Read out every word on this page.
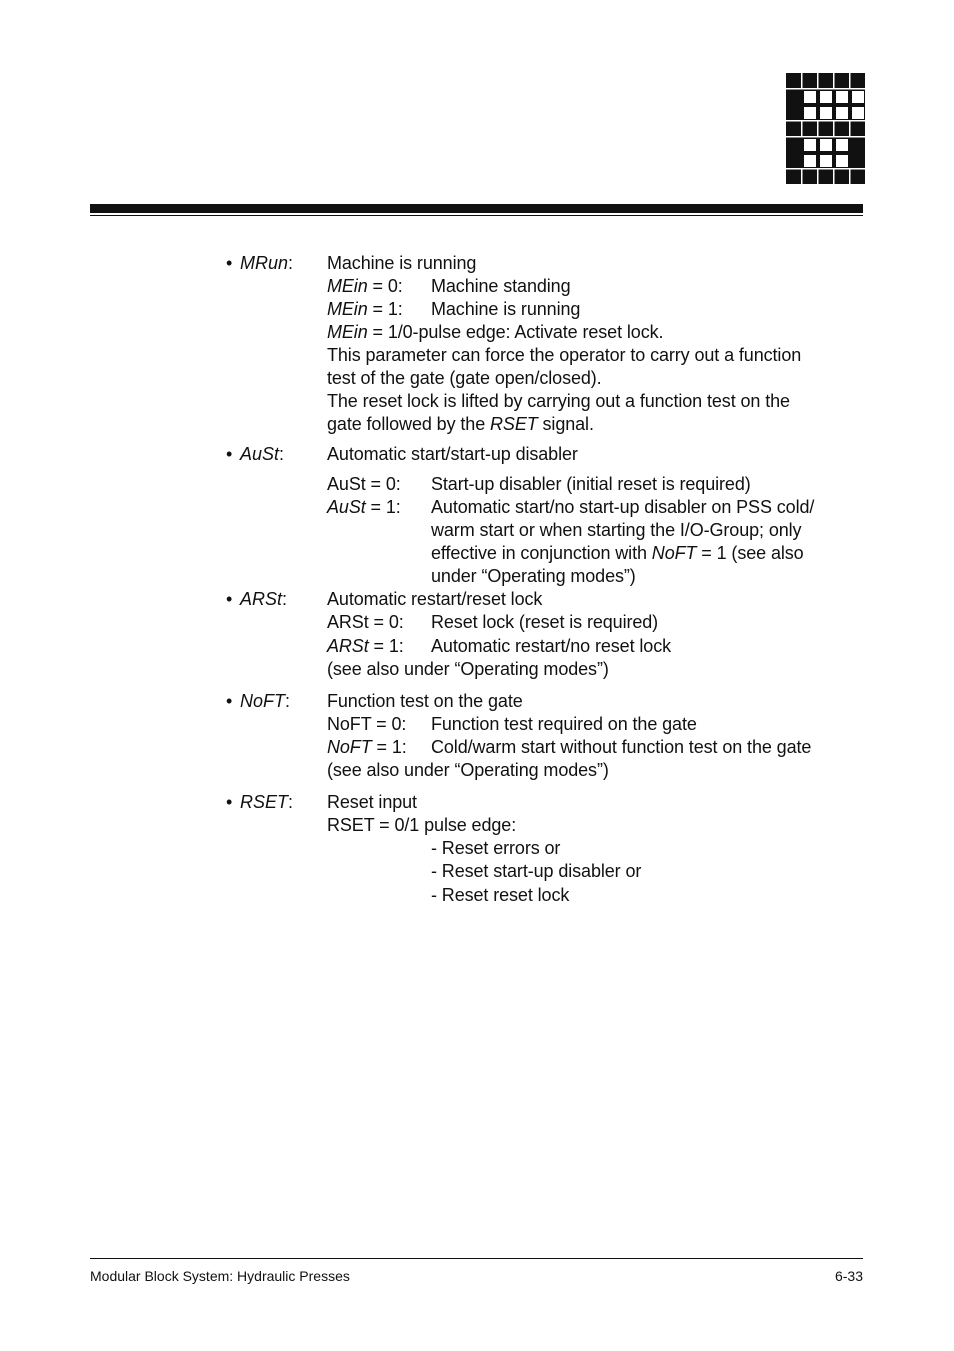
• MRun: Machine is running
MEin = 0: Machine standing
MEin = 1: Machine is running
MEin = 1/0-pulse edge: Activate reset lock.
This parameter can force the operator to carry out a function
test of the gate (gate open/closed).
The reset lock is lifted by carrying out a function test on the
gate followed by the RSET signal.
• AuSt: Automatic start/start-up disabler
AuSt = 0: Start-up disabler (initial reset is required)
AuSt = 1: Automatic start/no start-up disabler on PSS cold/
warm start or when starting the I/O-Group; only
effective in conjunction with NoFT = 1 (see also
under “Operating modes”)
• ARSt: Automatic restart/reset lock
ARSt = 0: Reset lock (reset is required)
ARSt = 1: Automatic restart/no reset lock
(see also under “Operating modes”)
• NoFT: Function test on the gate
NoFT = 0: Function test required on the gate
NoFT = 1: Cold/warm start without function test on the gate
(see also under “Operating modes”)
• RSET: Reset input
RSET = 0/1 pulse edge:
- Reset errors or
- Reset start-up disabler or
- Reset reset lock
Modular Block System: Hydraulic Presses	6-33
